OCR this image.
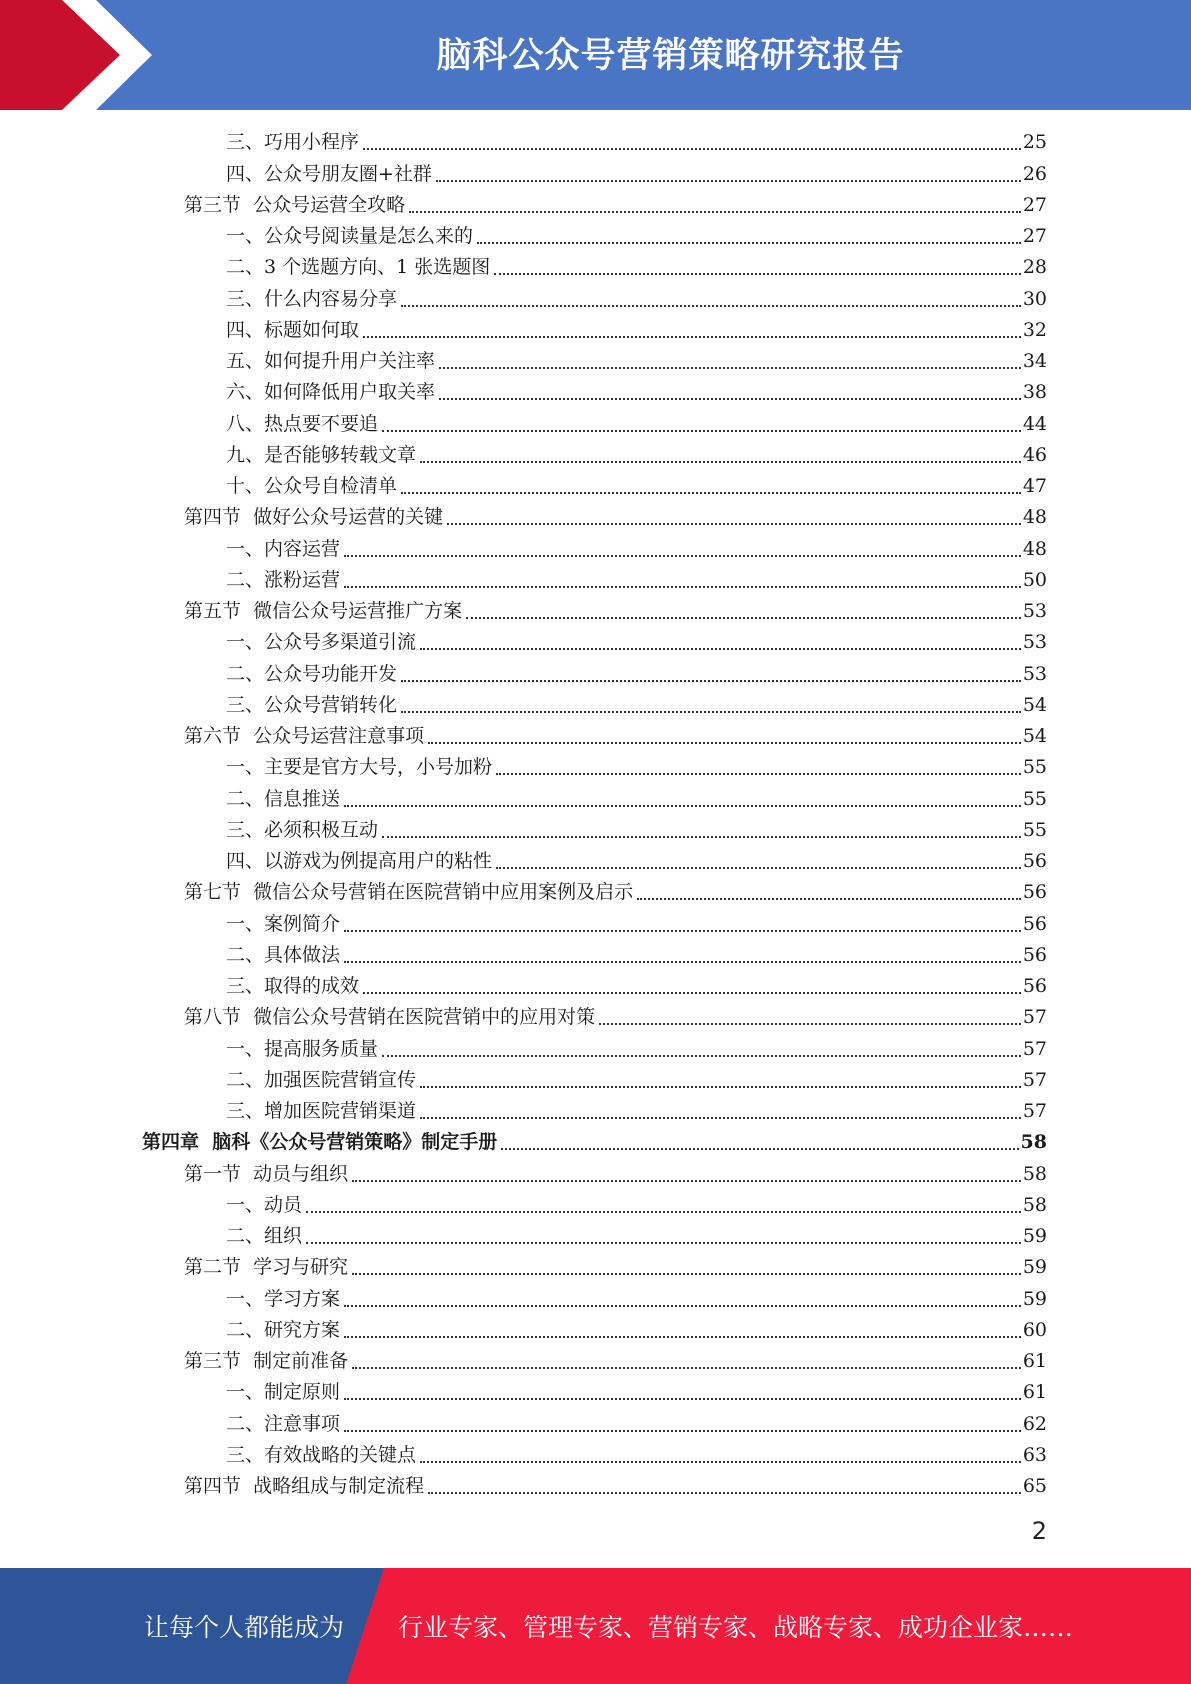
脑科公众号营销策略研究报告
三、巧用小程序	25
四、公众号朋友圈+社群	26
第三节  公众号运营全攻略	27
一、公众号阅读量是怎么来的	27
二、3 个选题方向、1 张选题图	28
三、什么内容易分享	30
四、标题如何取	32
五、如何提升用户关注率	34
六、如何降低用户取关率	38
八、热点要不要追	44
九、是否能够转载文章	46
十、公众号自检清单	47
第四节  做好公众号运营的关键	48
一、内容运营	48
二、涨粉运营	50
第五节  微信公众号运营推广方案	53
一、公众号多渠道引流	53
二、公众号功能开发	53
三、公众号营销转化	54
第六节  公众号运营注意事项	54
一、主要是官方大号，小号加粉	55
二、信息推送	55
三、必须积极互动	55
四、以游戏为例提高用户的粘性	56
第七节  微信公众号营销在医院营销中应用案例及启示	56
一、案例简介	56
二、具体做法	56
三、取得的成效	56
第八节  微信公众号营销在医院营销中的应用对策	57
一、提高服务质量	57
二、加强医院营销宣传	57
三、增加医院营销渠道	57
第四章  脑科《公众号营销策略》制定手册	58
第一节  动员与组织	58
一、动员	58
二、组织	59
第二节  学习与研究	59
一、学习方案	59
二、研究方案	60
第三节  制定前准备	61
一、制定原则	61
二、注意事项	62
三、有效战略的关键点	63
第四节  战略组成与制定流程	65
2
让每个人都能成为 行业专家、管理专家、营销专家、战略专家、成功企业家……
